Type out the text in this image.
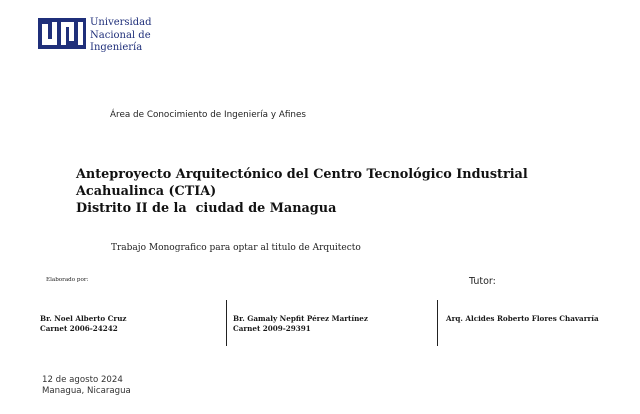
Universidad
Nacional de
Ingeniería
Área de Conocimiento de Ingeniería y Afines
Anteproyecto Arquitectónico del Centro Tecnológico Industrial Acahualinca (CTIA)
Distrito II de la  ciudad de Managua
Trabajo Monografico para optar al titulo de Arquitecto
Elaborado por:	Tutor:
Br. Noel Alberto Cruz
Carnet 2006-24242
Br. Gamaly Nepfit Pérez Martínez
Carnet 2009-29391
Arq. Alcides Roberto Flores Chavarría
12 de agosto 2024
Managua, Nicaragua
